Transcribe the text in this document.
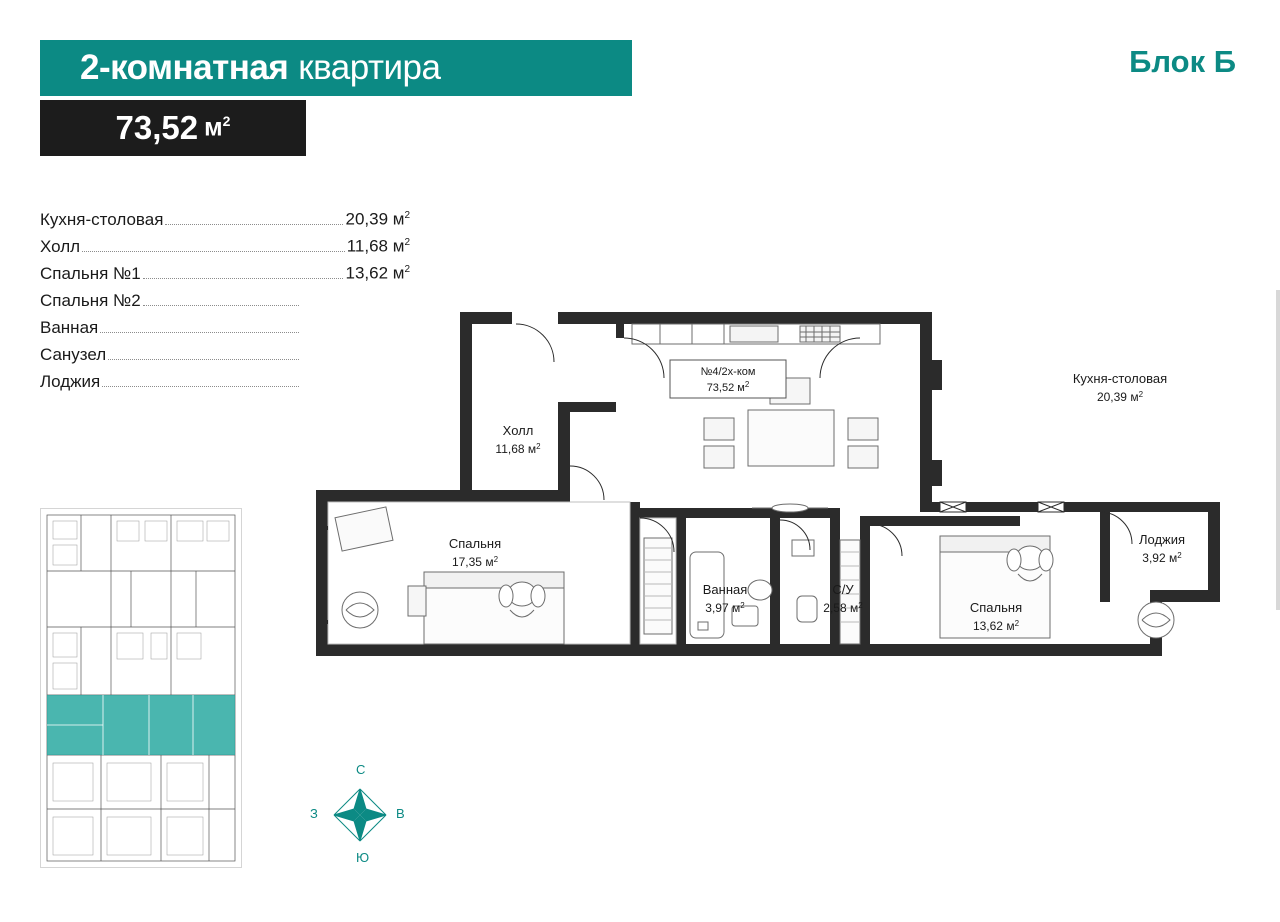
2-комнатная квартира
73,52 $м^2$
Блок Б
Кухня-столовая	20,39 $м^2$
Холл	11,68 $м^2$
Спальня №1	13,62 $м^2$
Спальня №2
Ванная
Санузел
Лоджия
С
Ю
З	В
№4/2х-ком
73,52 $м^2$
Холл
11,68 $м^2$
Кухня-столовая
20,39 $м^2$
Спальня
17,35 $м^2$
Ванная
3,97 $м^2$
С/У
2,58 $м^2$	Спальня
13,62 $м^2$
Лоджия
3,92 $м^2$
